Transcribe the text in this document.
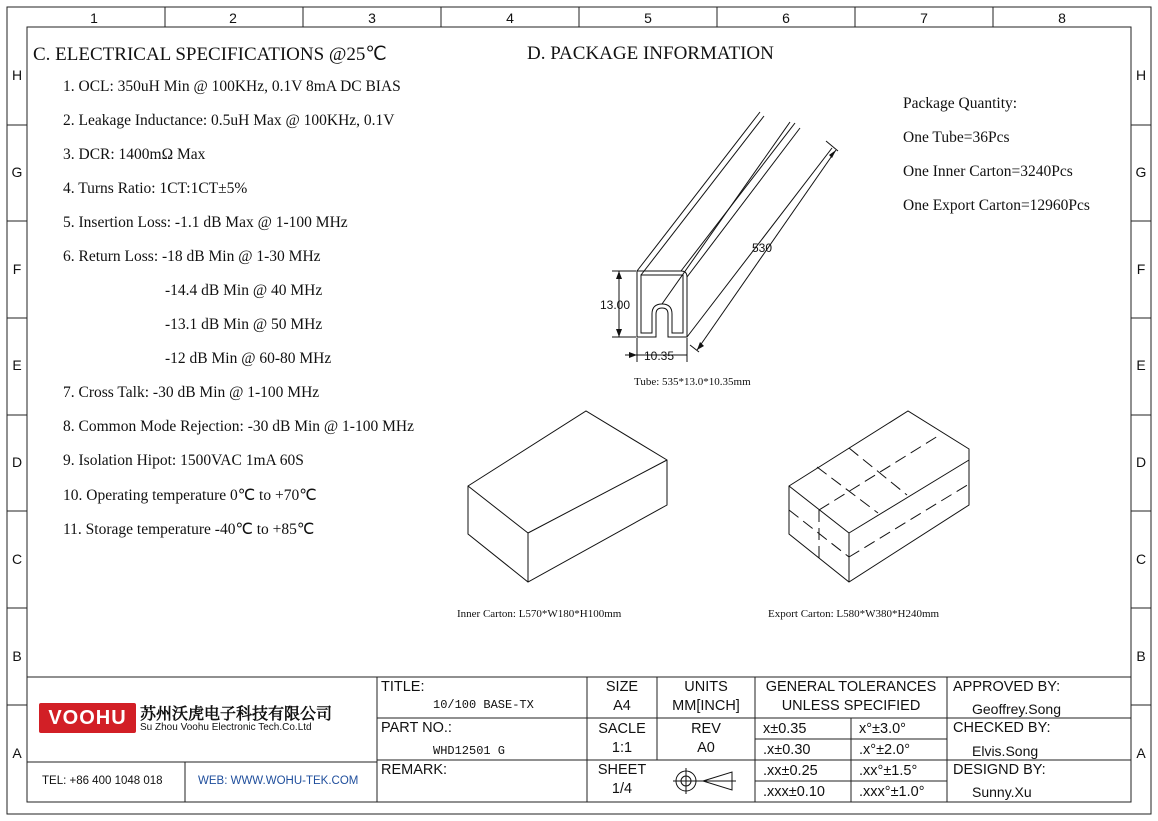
1	2	3	4	5	6	7	8
H
G
F
E
D
C
B
A
H
G
F
E
D
C
B
A
C. ELECTRICAL SPECIFICATIONS @25℃
1. OCL: 350uH Min @ 100KHz, 0.1V 8mA DC BIAS
2. Leakage Inductance: 0.5uH Max @ 100KHz, 0.1V
3. DCR: 1400mΩ Max
4. Turns Ratio: 1CT:1CT±5%
5. Insertion Loss: -1.1 dB Max @ 1-100 MHz
6. Return Loss: -18 dB Min @ 1-30 MHz
-14.4 dB Min @ 40 MHz
-13.1 dB Min @ 50 MHz
-12 dB Min @ 60-80 MHz
7. Cross Talk: -30 dB Min @ 1-100 MHz
8. Common Mode Rejection: -30 dB Min @ 1-100 MHz
9. Isolation Hipot: 1500VAC 1mA 60S
10. Operating temperature 0℃ to +70℃
11. Storage temperature -40℃ to +85℃
D. PACKAGE INFORMATION
Package Quantity:
One Tube=36Pcs
One Inner Carton=3240Pcs
One Export Carton=12960Pcs
530
13.00
10.35
Tube: 535*13.0*10.35mm
Inner Carton: L570*W180*H100mm	Export Carton: L580*W380*H240mm
VOOHU 苏州沃虎电子科技有限公司
Su Zhou Voohu Electronic Tech.Co.Ltd
TEL: +86 400 1048 018	WEB: WWW.WOHU-TEK.COM
TITLE:
10/100 BASE-TX
PART NO.:
WHD12501 G
REMARK:
SIZE
A4
UNITS
MM[INCH]
SACLE
1:1
REV
A0
SHEET
1/4
GENERAL TOLERANCES
UNLESS SPECIFIED
x±0.35	x°±3.0°
.x±0.30	.x°±2.0°
.xx±0.25	.xx°±1.5°
.xxx±0.10 .xxx°±1.0°
APPROVED BY:
Geoffrey.Song
CHECKED BY:
Elvis.Song
DESIGND BY:
Sunny.Xu
